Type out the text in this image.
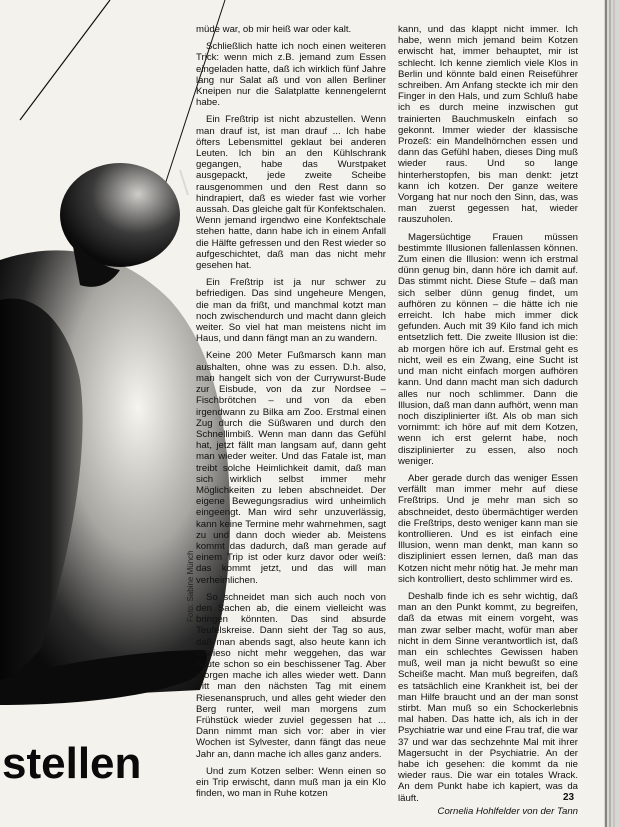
Foto: Sabine Münch
stellen

müde war, ob mir heiß war oder kalt.

Schließlich hatte ich noch einen weiteren Trick: wenn mich z.B. jemand zum Essen eingeladen hatte, daß ich wirklich fünf Jahre lang nur Salat aß und von allen Berliner Kneipen nur die Salatplatte kennengelernt habe.

Ein Freßtrip ist nicht abzustellen. Wenn man drauf ist, ist man drauf ... Ich habe öfters Lebensmittel geklaut bei anderen Leuten. Ich bin an den Kühlschrank gegangen, habe das Wurstpaket ausgepackt, jede zweite Scheibe rausgenommen und den Rest dann so hindrapiert, daß es wieder fast wie vorher aussah. Das gleiche galt für Konfektschalen. Wenn jemand irgendwo eine Konfektschale stehen hatte, dann habe ich in einem Anfall die Hälfte gefressen und den Rest wieder so aufgeschichtet, daß man das nicht mehr gesehen hat.

Ein Freßtrip ist ja nur schwer zu befriedigen. Das sind ungeheure Mengen, die man da frißt, und manchmal kotzt man noch zwischendurch und macht dann gleich weiter. So viel hat man meistens nicht im Haus, und dann fängt man an zu wandern.

Keine 200 Meter Fußmarsch kann man aushalten, ohne was zu essen. D.h. also, man hangelt sich von der Currywurst-Bude zur Eisbude, von da zur Nordsee – Fischbrötchen – und von da eben irgendwann zu Bilka am Zoo. Erstmal einen Zug durch die Süßwaren und durch den Schnellimbiß. Wenn man dann das Gefühl hat, jetzt fällt man langsam auf, dann geht man wieder weiter. Und das Fatale ist, man treibt solche Heimlichkeit damit, daß man sich wirklich selbst immer mehr Möglichkeiten zu leben abschneidet. Der eigene Bewegungsradius wird unheimlich eingeengt. Man wird sehr unzuverlässig, kann keine Termine mehr wahrnehmen, sagt zu und dann doch wieder ab. Meistens kommt das dadurch, daß man gerade auf einem Trip ist oder kurz davor oder weiß: das kommt jetzt, und das will man verheimlichen.

So schneidet man sich auch noch von den Sachen ab, die einem vielleicht was bringen könnten. Das sind absurde Teufelskreise. Dann sieht der Tag so aus, daß man abends sagt, also heute kann ich sowieso nicht mehr weggehen, das war heute schon so ein beschissener Tag. Aber morgen mache ich alles wieder wett. Dann tritt man den nächsten Tag mit einem Riesenanspruch, und alles geht wieder den Berg runter, weil man morgens zum Frühstück wieder zuviel gegessen hat ... Dann nimmt man sich vor: aber in vier Wochen ist Sylvester, dann fängt das neue Jahr an, dann mache ich alles ganz anders.

Und zum Kotzen selber: Wenn einen so ein Trip erwischt, dann muß man ja ein Klo finden, wo man in Ruhe kotzen

kann, und das klappt nicht immer. Ich habe, wenn mich jemand beim Kotzen erwischt hat, immer behauptet, mir ist schlecht. Ich kenne ziemlich viele Klos in Berlin und könnte bald einen Reiseführer schreiben. Am Anfang steckte ich mir den Finger in den Hals, und zum Schluß habe ich es durch meine inzwischen gut trainierten Bauchmuskeln einfach so gekonnt. Immer wieder der klassische Prozeß: ein Mandelhörnchen essen und dann das Gefühl haben, dieses Ding muß wieder raus. Und so lange hinterherstopfen, bis man denkt: jetzt kann ich kotzen. Der ganze weitere Vorgang hat nur noch den Sinn, das, was man zuerst gegessen hat, wieder rauszuholen.

Magersüchtige Frauen müssen bestimmte Illusionen fallenlassen können. Zum einen die Illusion: wenn ich erstmal dünn genug bin, dann höre ich damit auf. Das stimmt nicht. Diese Stufe – daß man sich selber dünn genug findet, um aufhören zu können – die hätte ich nie erreicht. Ich habe mich immer dick gefunden. Auch mit 39 Kilo fand ich mich entsetzlich fett. Die zweite Illusion ist die: ab morgen höre ich auf. Erstmal geht es nicht, weil es ein Zwang, eine Sucht ist und man nicht einfach morgen aufhören kann. Und dann macht man sich dadurch alles nur noch schlimmer. Dann die Illusion, daß man dann aufhört, wenn man noch disziplinierter ißt. Als ob man sich vornimmt: ich höre auf mit dem Kotzen, wenn ich erst gelernt habe, noch disziplinierter zu essen, also noch weniger.

Aber gerade durch das weniger Essen verfällt man immer mehr auf diese Freßtrips. Und je mehr man sich so abschneidet, desto übermächtiger werden die Freßtrips, desto weniger kann man sie kontrollieren. Und es ist einfach eine Illusion, wenn man denkt, man kann so diszipliniert essen lernen, daß man das Kotzen nicht mehr nötig hat. Je mehr man sich kontrolliert, desto schlimmer wird es.

Deshalb finde ich es sehr wichtig, daß man an den Punkt kommt, zu begreifen, daß da etwas mit einem vorgeht, was man zwar selber macht, wofür man aber nicht in dem Sinne verantwortlich ist, daß man ein schlechtes Gewissen haben muß, weil man ja nicht bewußt so eine Scheiße macht. Man muß begreifen, daß es tatsächlich eine Krankheit ist, bei der man Hilfe braucht und an der man sonst stirbt. Man muß so ein Schockerlebnis mal haben. Das hatte ich, als ich in der Psychiatrie war und eine Frau traf, die war 37 und war das sechzehnte Mal mit ihrer Magersucht in der Psychiatrie. An der habe ich gesehen: die kommt da nie wieder raus. Die war ein totales Wrack. An dem Punkt habe ich kapiert, was da läuft.

Cornelia Hohlfelder von der Tann

23
